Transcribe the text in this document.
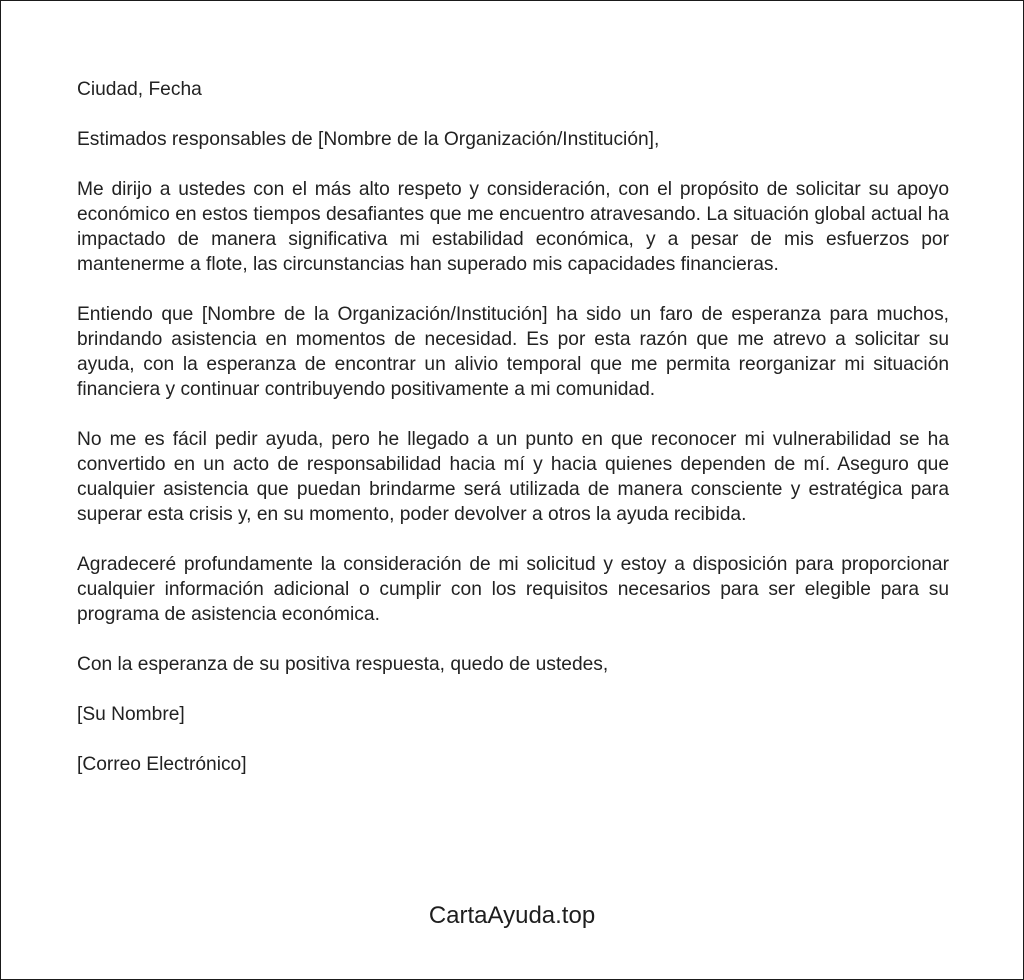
Ciudad, Fecha

Estimados responsables de [Nombre de la Organización/Institución],

Me dirijo a ustedes con el más alto respeto y consideración, con el propósito de solicitar su apoyo económico en estos tiempos desafiantes que me encuentro atravesando. La situación global actual ha impactado de manera significativa mi estabilidad económica, y a pesar de mis esfuerzos por mantenerme a flote, las circunstancias han superado mis capacidades financieras.

Entiendo que [Nombre de la Organización/Institución] ha sido un faro de esperanza para muchos, brindando asistencia en momentos de necesidad. Es por esta razón que me atrevo a solicitar su ayuda, con la esperanza de encontrar un alivio temporal que me permita reorganizar mi situación financiera y continuar contribuyendo positivamente a mi comunidad.

No me es fácil pedir ayuda, pero he llegado a un punto en que reconocer mi vulnerabilidad se ha convertido en un acto de responsabilidad hacia mí y hacia quienes dependen de mí. Aseguro que cualquier asistencia que puedan brindarme será utilizada de manera consciente y estratégica para superar esta crisis y, en su momento, poder devolver a otros la ayuda recibida.

Agradeceré profundamente la consideración de mi solicitud y estoy a disposición para proporcionar cualquier información adicional o cumplir con los requisitos necesarios para ser elegible para su programa de asistencia económica.

Con la esperanza de su positiva respuesta, quedo de ustedes,

[Su Nombre]

[Correo Electrónico]

CartaAyuda.top
